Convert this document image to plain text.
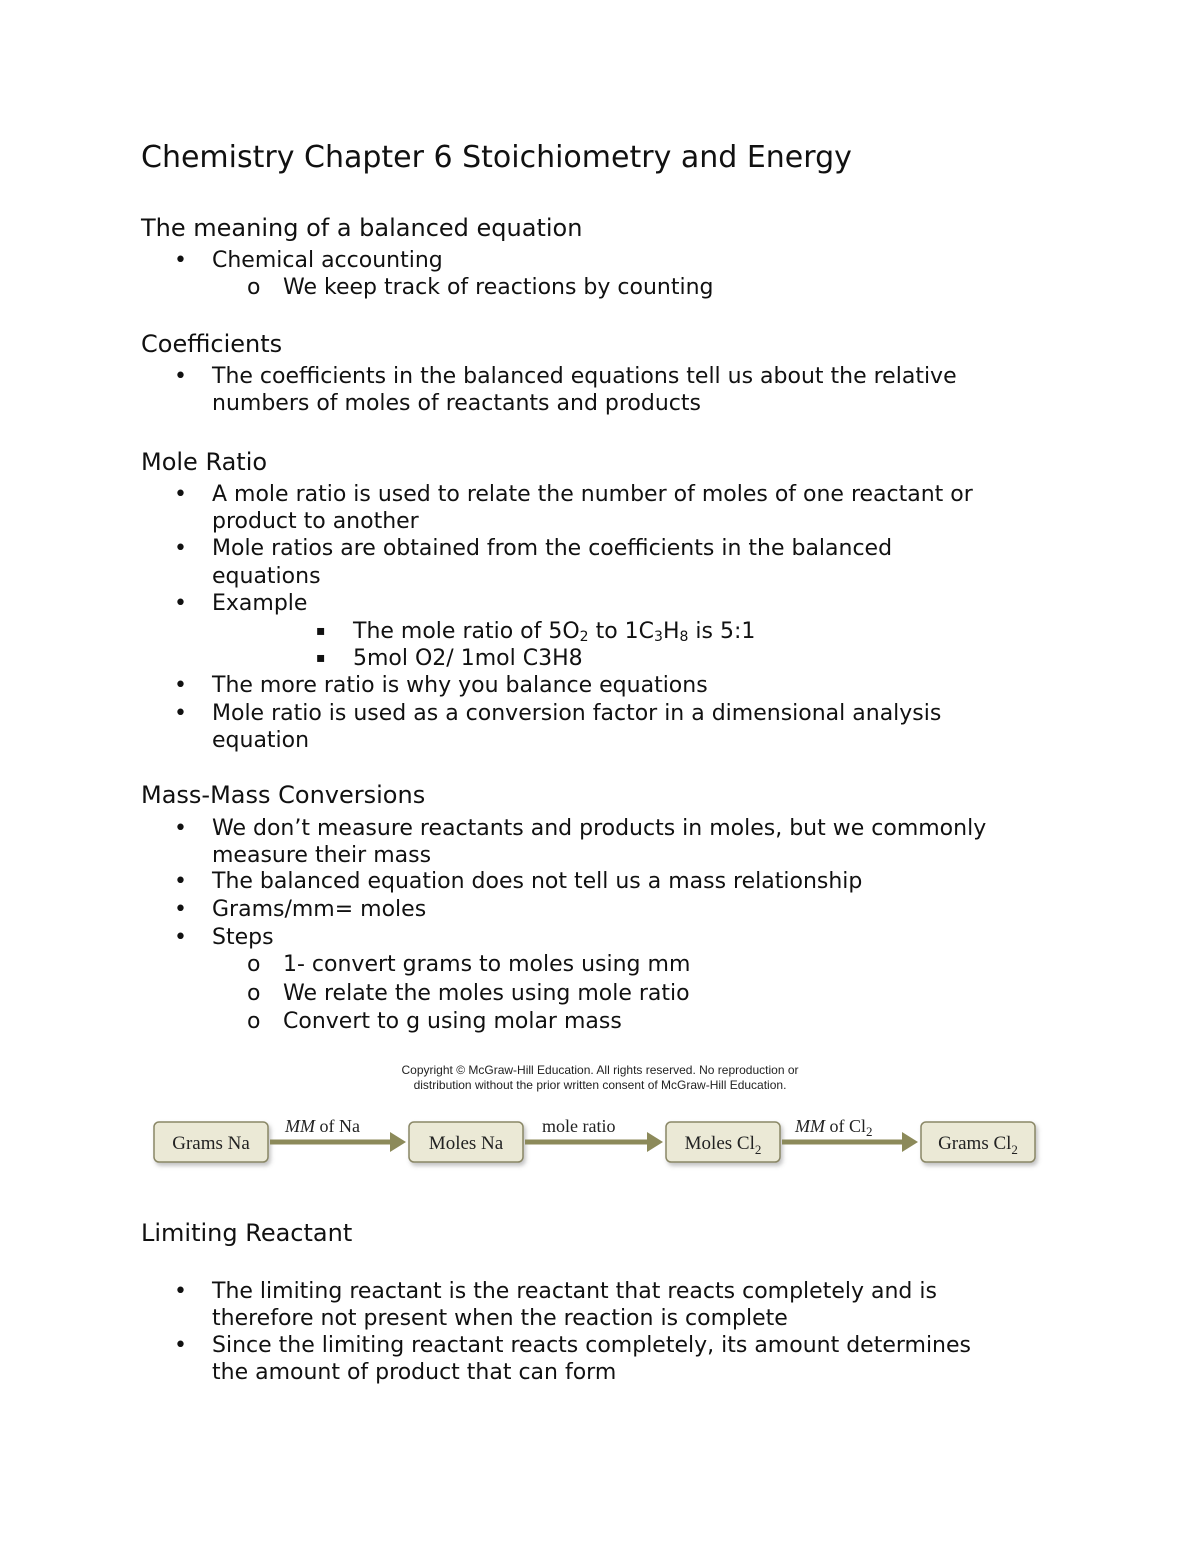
Chemistry Chapter 6 Stoichiometry and Energy
The meaning of a balanced equation
• Chemical accounting
o We keep track of reactions by counting
Coefficients
• The coefficients in the balanced equations tell us about the relative
numbers of moles of reactants and products
Mole Ratio
• A mole ratio is used to relate the number of moles of one reactant or
product to another
• Mole ratios are obtained from the coefficients in the balanced
equations
• Example
▪ The mole ratio of $5O_2$ to $1C_3H_8$ is 5:1
▪ 5mol O2/ 1mol C3H8
• The more ratio is why you balance equations
• Mole ratio is used as a conversion factor in a dimensional analysis
equation
Mass-Mass Conversions
• We don’t measure reactants and products in moles, but we commonly
measure their mass
• The balanced equation does not tell us a mass relationship
• Grams/mm= moles
• Steps
o 1- convert grams to moles using mm
o We relate the moles using mole ratio
o Convert to g using molar mass
Copyright © McGraw-Hill Education. All rights reserved. No reproduction or
distribution without the prior written consent of McGraw-Hill Education.
Grams Na	Moles Na	Moles $Cl_2$	Grams $Cl_2$
MM of Na	mole ratio	MM of $Cl_2$
Limiting Reactant
• The limiting reactant is the reactant that reacts completely and is
therefore not present when the reaction is complete
• Since the limiting reactant reacts completely, its amount determines
the amount of product that can form
